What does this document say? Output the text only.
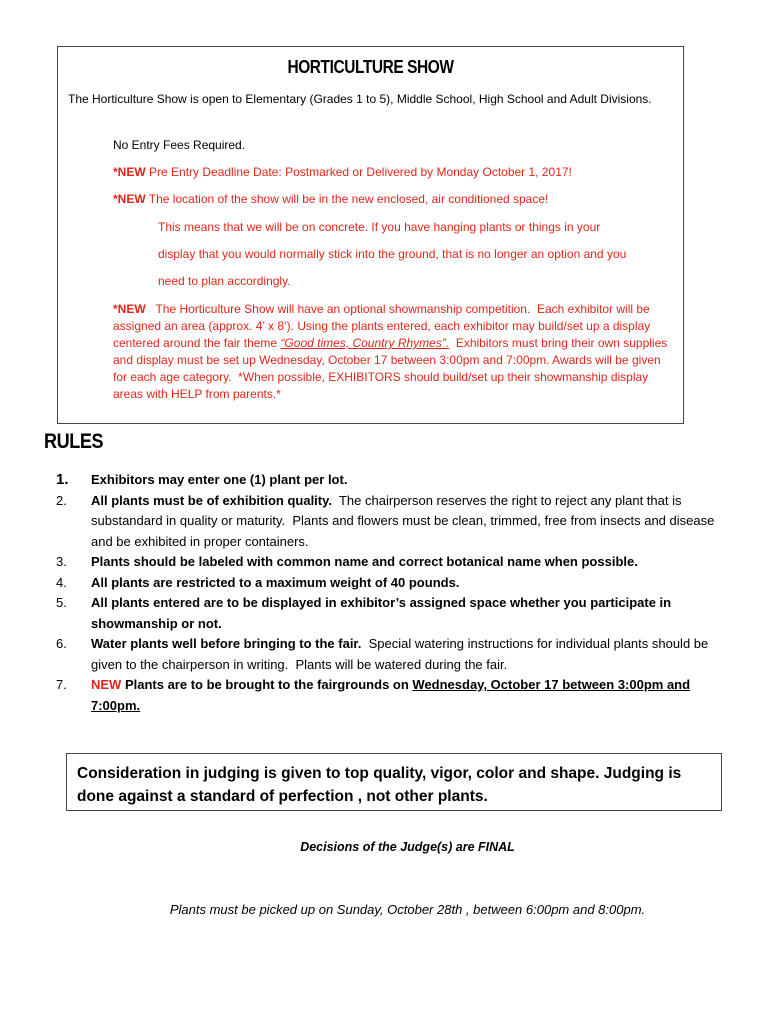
HORTICULTURE SHOW
The Horticulture Show is open to Elementary (Grades 1 to 5), Middle School, High School and Adult Divisions.
No Entry Fees Required.
*NEW Pre Entry Deadline Date: Postmarked or Delivered by Monday October 1, 2017!
*NEW The location of the show will be in the new enclosed, air conditioned space!
This means that we will be on concrete. If you have hanging plants or things in your
display that you would normally stick into the ground, that is no longer an option and you
need to plan accordingly.
*NEW   The Horticulture Show will have an optional showmanship competition.  Each exhibitor will be assigned an area (approx. 4’ x 8’). Using the plants entered, each exhibitor may build/set up a display centered around the fair theme “Good times, Country Rhymes”.  Exhibitors must bring their own supplies and display must be set up Wednesday, October 17 between 3:00pm and 7:00pm. Awards will be given for each age category.  *When possible, EXHIBITORS should build/set up their showmanship display areas with HELP from parents.*
RULES
1.	Exhibitors may enter one (1) plant per lot.
2.	All plants must be of exhibition quality.  The chairperson reserves the right to reject any plant that is substandard in quality or maturity.  Plants and flowers must be clean, trimmed, free from insects and disease and be exhibited in proper containers.
3.	Plants should be labeled with common name and correct botanical name when possible.
4.	All plants are restricted to a maximum weight of 40 pounds.
5.	All plants entered are to be displayed in exhibitor’s assigned space whether you participate in showmanship or not.
6.	Water plants well before bringing to the fair.  Special watering instructions for individual plants should be given to the chairperson in writing.  Plants will be watered during the fair.
7.	NEW Plants are to be brought to the fairgrounds on Wednesday, October 17 between 3:00pm and 7:00pm.
Consideration in judging is given to top quality, vigor, color and shape. Judging is done against a standard of perfection , not other plants.
Decisions of the Judge(s) are FINAL
Plants must be picked up on Sunday, October 28th , between 6:00pm and 8:00pm.
